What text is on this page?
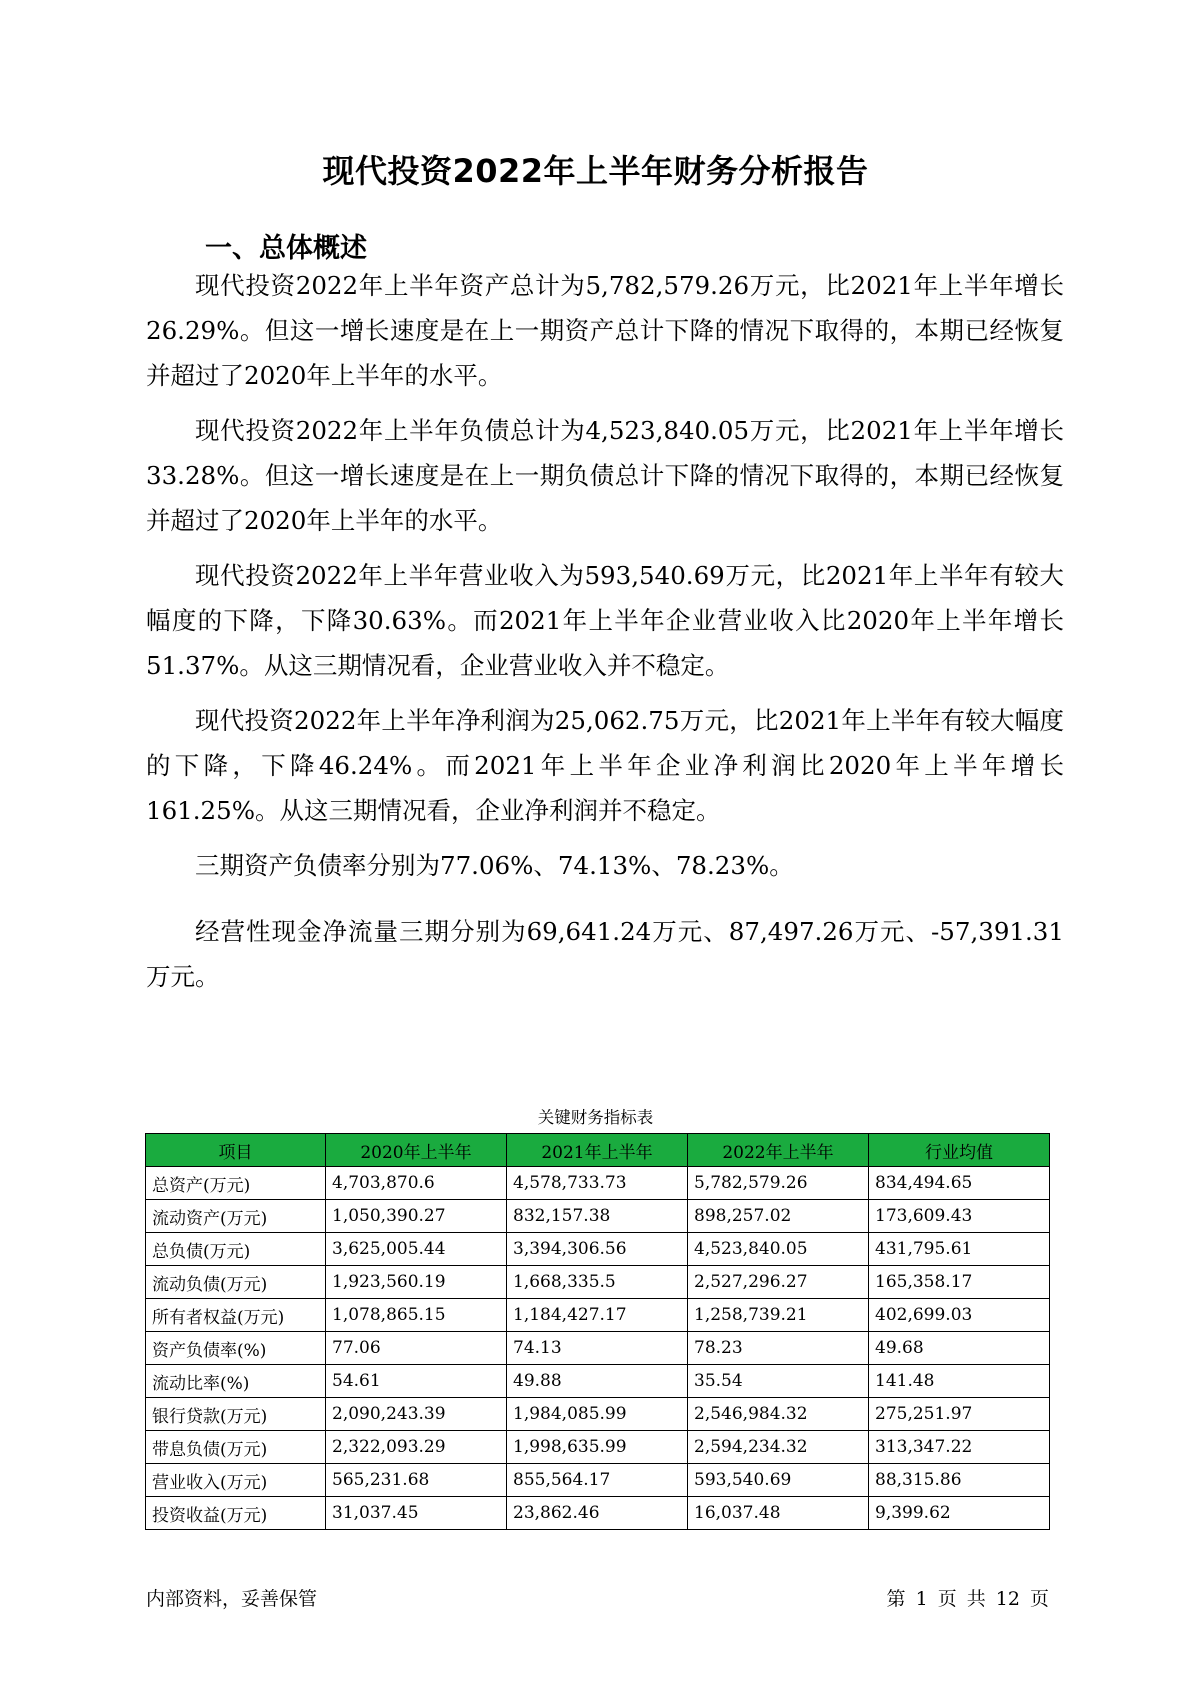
现代投资2022年上半年财务分析报告
一、总体概述

现代投资2022年上半年资产总计为5,782,579.26万元，比2021年上半年增长26.29%。但这一增长速度是在上一期资产总计下降的情况下取得的，本期已经恢复并超过了2020年上半年的水平。

现代投资2022年上半年负债总计为4,523,840.05万元，比2021年上半年增长33.28%。但这一增长速度是在上一期负债总计下降的情况下取得的，本期已经恢复并超过了2020年上半年的水平。

现代投资2022年上半年营业收入为593,540.69万元，比2021年上半年有较大幅度的下降，下降30.63%。而2021年上半年企业营业收入比2020年上半年增长51.37%。从这三期情况看，企业营业收入并不稳定。

现代投资2022年上半年净利润为25,062.75万元，比2021年上半年有较大幅度的下降，下降46.24%。而2021年上半年企业净利润比2020年上半年增长161.25%。从这三期情况看，企业净利润并不稳定。

三期资产负债率分别为77.06%、74.13%、78.23%。

经营性现金净流量三期分别为69,641.24万元、87,497.26万元、-57,391.31万元。

关键财务指标表
项目	2020年上半年	2021年上半年	2022年上半年	行业均值
总资产(万元)	4,703,870.6	4,578,733.73	5,782,579.26	834,494.65
流动资产(万元)	1,050,390.27	832,157.38	898,257.02	173,609.43
总负债(万元)	3,625,005.44	3,394,306.56	4,523,840.05	431,795.61
流动负债(万元)	1,923,560.19	1,668,335.5	2,527,296.27	165,358.17
所有者权益(万元)	1,078,865.15	1,184,427.17	1,258,739.21	402,699.03
资产负债率(%)	77.06	74.13	78.23	49.68
流动比率(%)	54.61	49.88	35.54	141.48
银行贷款(万元)	2,090,243.39	1,984,085.99	2,546,984.32	275,251.97
带息负债(万元)	2,322,093.29	1,998,635.99	2,594,234.32	313,347.22
营业收入(万元)	565,231.68	855,564.17	593,540.69	88,315.86
投资收益(万元)	31,037.45	23,862.46	16,037.48	9,399.62
内部资料，妥善保管	第 1 页 共 12 页
